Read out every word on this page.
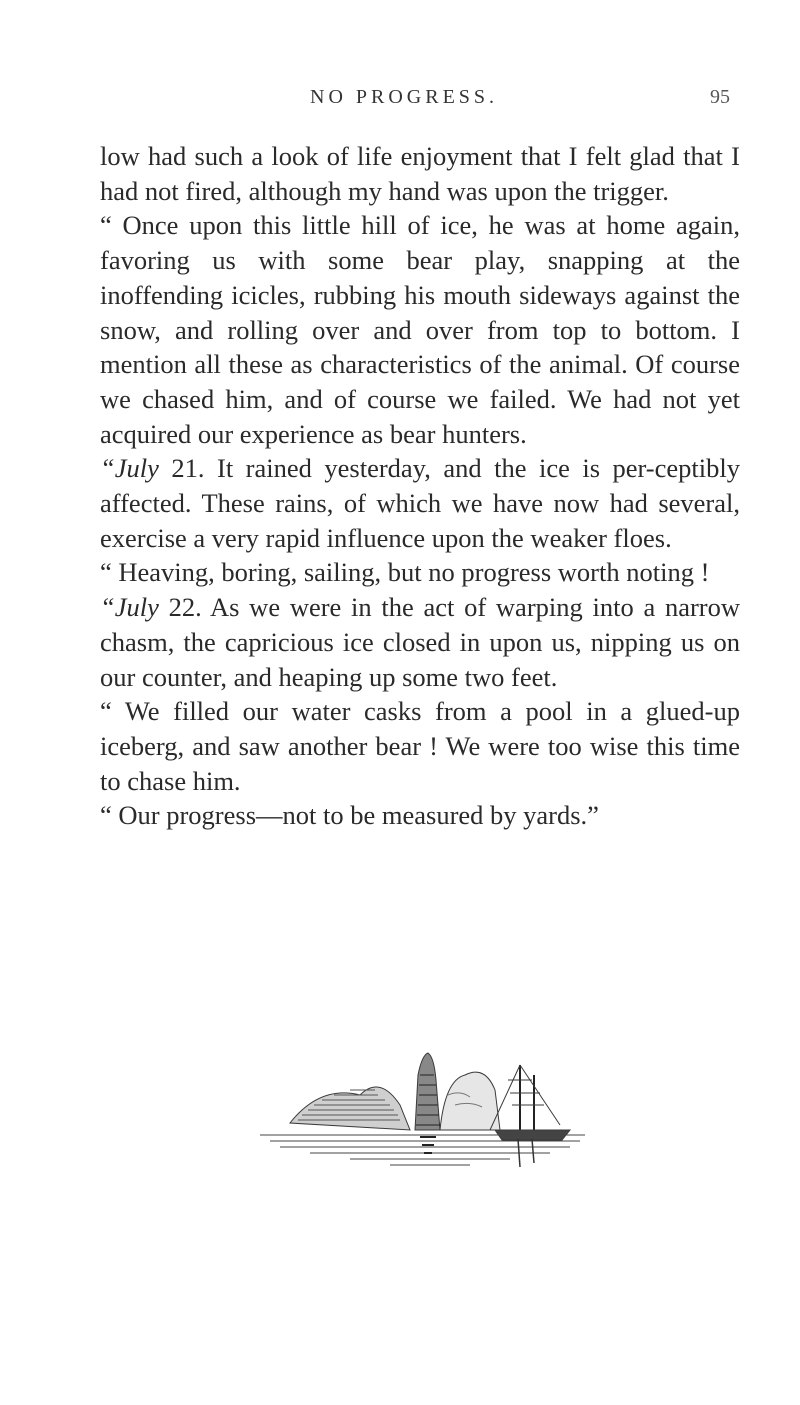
NO PROGRESS.	95

low had such a look of life enjoyment that I felt glad that I had not fired, although my hand was upon the trigger.

“ Once upon this little hill of ice, he was at home again, favoring us with some bear play, snapping at the inoffending icicles, rubbing his mouth sideways against the snow, and rolling over and over from top to bottom. I mention all these as characteristics of the animal. Of course we chased him, and of course we failed. We had not yet acquired our experience as bear hunters.

“July 21. It rained yesterday, and the ice is per-ceptibly affected. These rains, of which we have now had several, exercise a very rapid influence upon the weaker floes.

“ Heaving, boring, sailing, but no progress worth noting !

“July 22. As we were in the act of warping into a narrow chasm, the capricious ice closed in upon us, nipping us on our counter, and heaping up some two feet.

“ We filled our water casks from a pool in a glued-up iceberg, and saw another bear ! We were too wise this time to chase him.

“ Our progress—not to be measured by yards.”
